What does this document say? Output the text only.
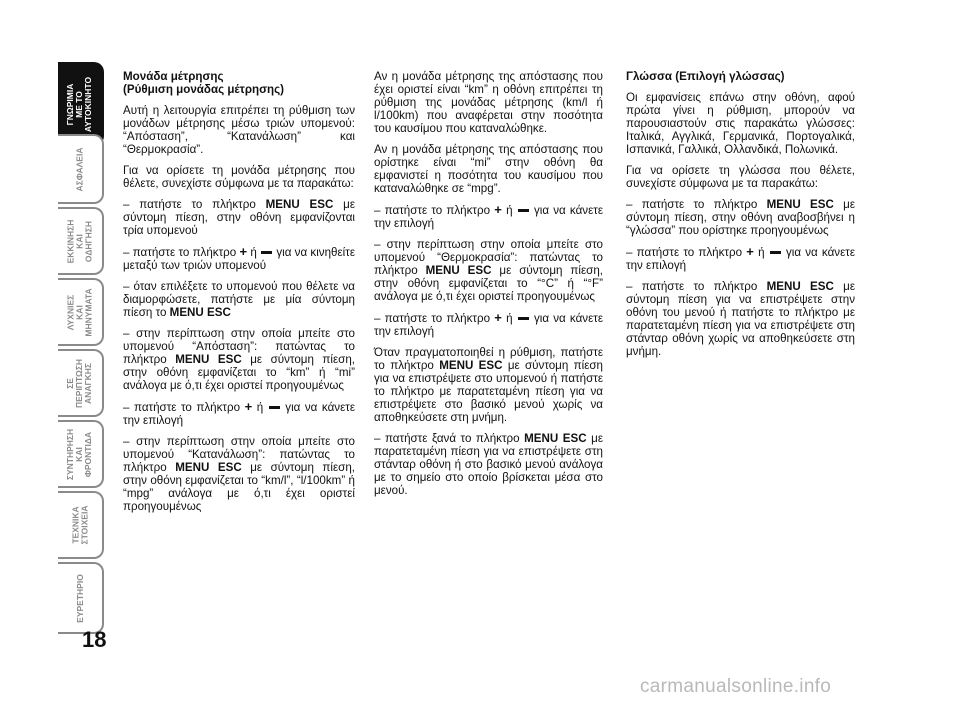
ΓΝΩΡΙΜΙΑ
ΜΕ ΤΟ
ΑΥΤΟΚΙΝΗΤΟ
ΑΣΦΑΛΕΙΑ
ΕΚΚΙΝΗΣΗ
ΚΑΙ
ΟΔΗΓΗΣΗ
ΛΥΧΝΙΕΣ
ΚΑΙ
ΜΗΝΥΜΑΤΑ
ΣΕ
ΠΕΡΙΠΤΩΣΗ
ΑΝΑΓΚΗΣ
ΣΥΝΤΗΡΗΣΗ
ΚΑΙ
ΦΡΟΝΤΙΔΑ
ΤΕΧΝΙΚΑ
ΣΤΟΙΧΕΙΑ
ΕΥΡΕΤΗΡΙΟ
18
Μονάδα μέτρησης
(Ρύθμιση μονάδας μέτρησης)

Αυτή η λειτουργία επιτρέπει τη ρύθμιση των μονάδων μέτρησης μέσω τριών υπομενού: “Απόσταση”, “Κατανάλωση” και “Θερμοκρασία”.

Για να ορίσετε τη μονάδα μέτρησης που θέλετε, συνεχίστε σύμφωνα με τα παρακάτω:

– πατήστε το πλήκτρο MENU ESC με σύντομη πίεση, στην οθόνη εμφανίζονται τρία υπομενού

– πατήστε το πλήκτρο + ή  για να κινηθείτε μεταξύ των τριών υπομενού

– όταν επιλέξετε το υπομενού που θέλετε να διαμορφώσετε, πατήστε με μία σύντομη πίεση το MENU ESC

– στην περίπτωση στην οποία μπείτε στο υπομενού “Απόσταση”: πατώντας το πλήκτρο MENU ESC με σύντομη πίεση, στην οθόνη εμφανίζεται το “km” ή “mi” ανάλογα με ό,τι έχει οριστεί προηγουμένως

– πατήστε το πλήκτρο + ή  για να κάνετε την επιλογή

– στην περίπτωση στην οποία μπείτε στο υπομενού “Κατανάλωση”: πατώντας το πλήκτρο MENU ESC με σύντομη πίεση, στην οθόνη εμφανίζεται το “km/l”, “l/100km” ή “mpg” ανάλογα με ό,τι έχει οριστεί προηγουμένως

Αν η μονάδα μέτρησης της απόστασης που έχει οριστεί είναι “km” η οθόνη επιτρέπει τη ρύθμιση της μονάδας μέτρησης (km/l ή l/100km) που αναφέρεται στην ποσότητα του καυσίμου που καταναλώθηκε.

Αν η μονάδα μέτρησης της απόστασης που ορίστηκε είναι “mi” στην οθόνη θα εμφανιστεί η ποσότητα του καυσίμου που καταναλώθηκε σε “mpg”.

– πατήστε το πλήκτρο + ή  για να κάνετε την επιλογή

– στην περίπτωση στην οποία μπείτε στο υπομενού “Θερμοκρασία”: πατώντας το πλήκτρο MENU ESC με σύντομη πίεση, στην οθόνη εμφανίζεται το “°C” ή “°F” ανάλογα με ό,τι έχει οριστεί προηγουμένως

– πατήστε το πλήκτρο + ή  για να κάνετε την επιλογή

Όταν πραγματοποιηθεί η ρύθμιση, πατήστε το πλήκτρο MENU ESC με σύντομη πίεση για να επιστρέψετε στο υπομενού ή πατήστε το πλήκτρο με παρατεταμένη πίεση για να επιστρέψετε στο βασικό μενού χωρίς να αποθηκεύσετε στη μνήμη.

– πατήστε ξανά το πλήκτρο MENU ESC με παρατεταμένη πίεση για να επιστρέψετε στη στάνταρ οθόνη ή στο βασικό μενού ανάλογα με το σημείο στο οποίο βρίσκεται μέσα στο μενού.

Γλώσσα (Επιλογή γλώσσας)

Οι εμφανίσεις επάνω στην οθόνη, αφού πρώτα γίνει η ρύθμιση, μπορούν να παρουσιαστούν στις παρακάτω γλώσσες: Ιταλικά, Αγγλικά, Γερμανικά, Πορτογαλικά, Ισπανικά, Γαλλικά, Ολλανδικά, Πολωνικά.

Για να ορίσετε τη γλώσσα που θέλετε, συνεχίστε σύμφωνα με τα παρακάτω:

– πατήστε το πλήκτρο MENU ESC με σύντομη πίεση, στην οθόνη αναβοσβήνει η “γλώσσα” που ορίστηκε προηγουμένως

– πατήστε το πλήκτρο + ή  για να κάνετε την επιλογή

– πατήστε το πλήκτρο MENU ESC με σύντομη πίεση για να επιστρέψετε στην οθόνη του μενού ή πατήστε το πλήκτρο με παρατεταμένη πίεση για να επιστρέψετε στη στάνταρ οθόνη χωρίς να αποθηκεύσετε στη μνήμη.

carmanualsonline.info
